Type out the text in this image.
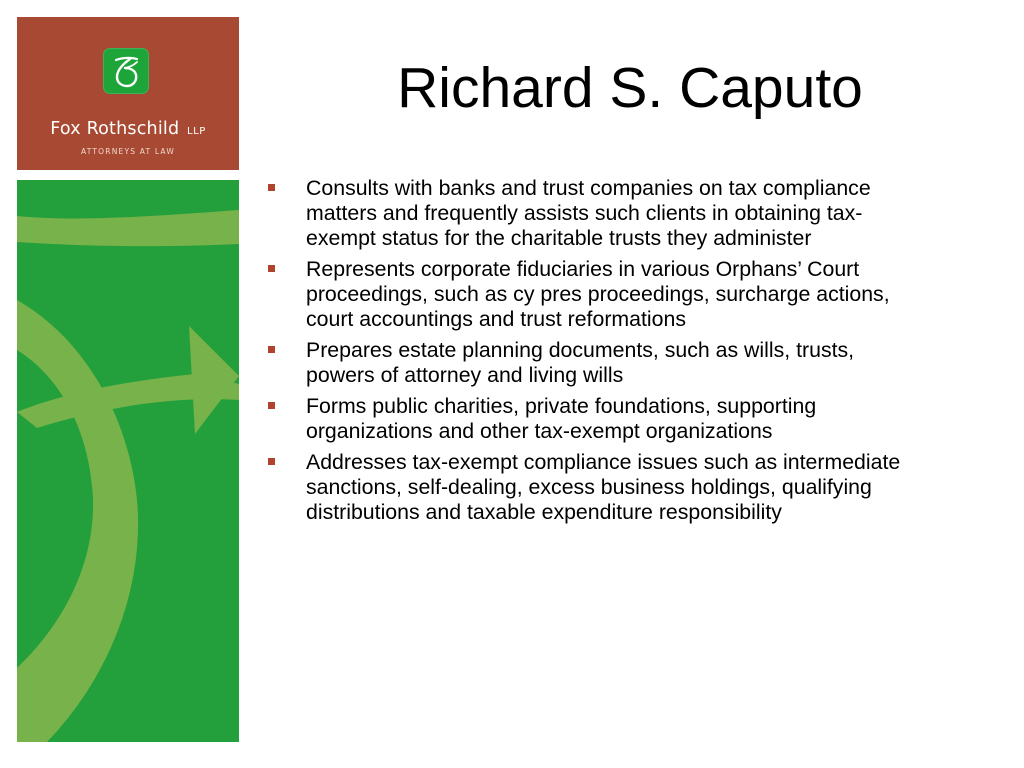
Fox Rothschild LLP
ATTORNEYS AT LAW
Richard S. Caputo
Consults with banks and trust companies on tax compliance matters and frequently assists such clients in obtaining tax-exempt status for the charitable trusts they administer
Represents corporate fiduciaries in various Orphans’ Court proceedings, such as cy pres proceedings, surcharge actions, court accountings and trust reformations
Prepares estate planning documents, such as wills, trusts, powers of attorney and living wills
Forms public charities, private foundations, supporting organizations and other tax-exempt organizations
Addresses tax-exempt compliance issues such as intermediate sanctions, self-dealing, excess business holdings, qualifying distributions and taxable expenditure responsibility
